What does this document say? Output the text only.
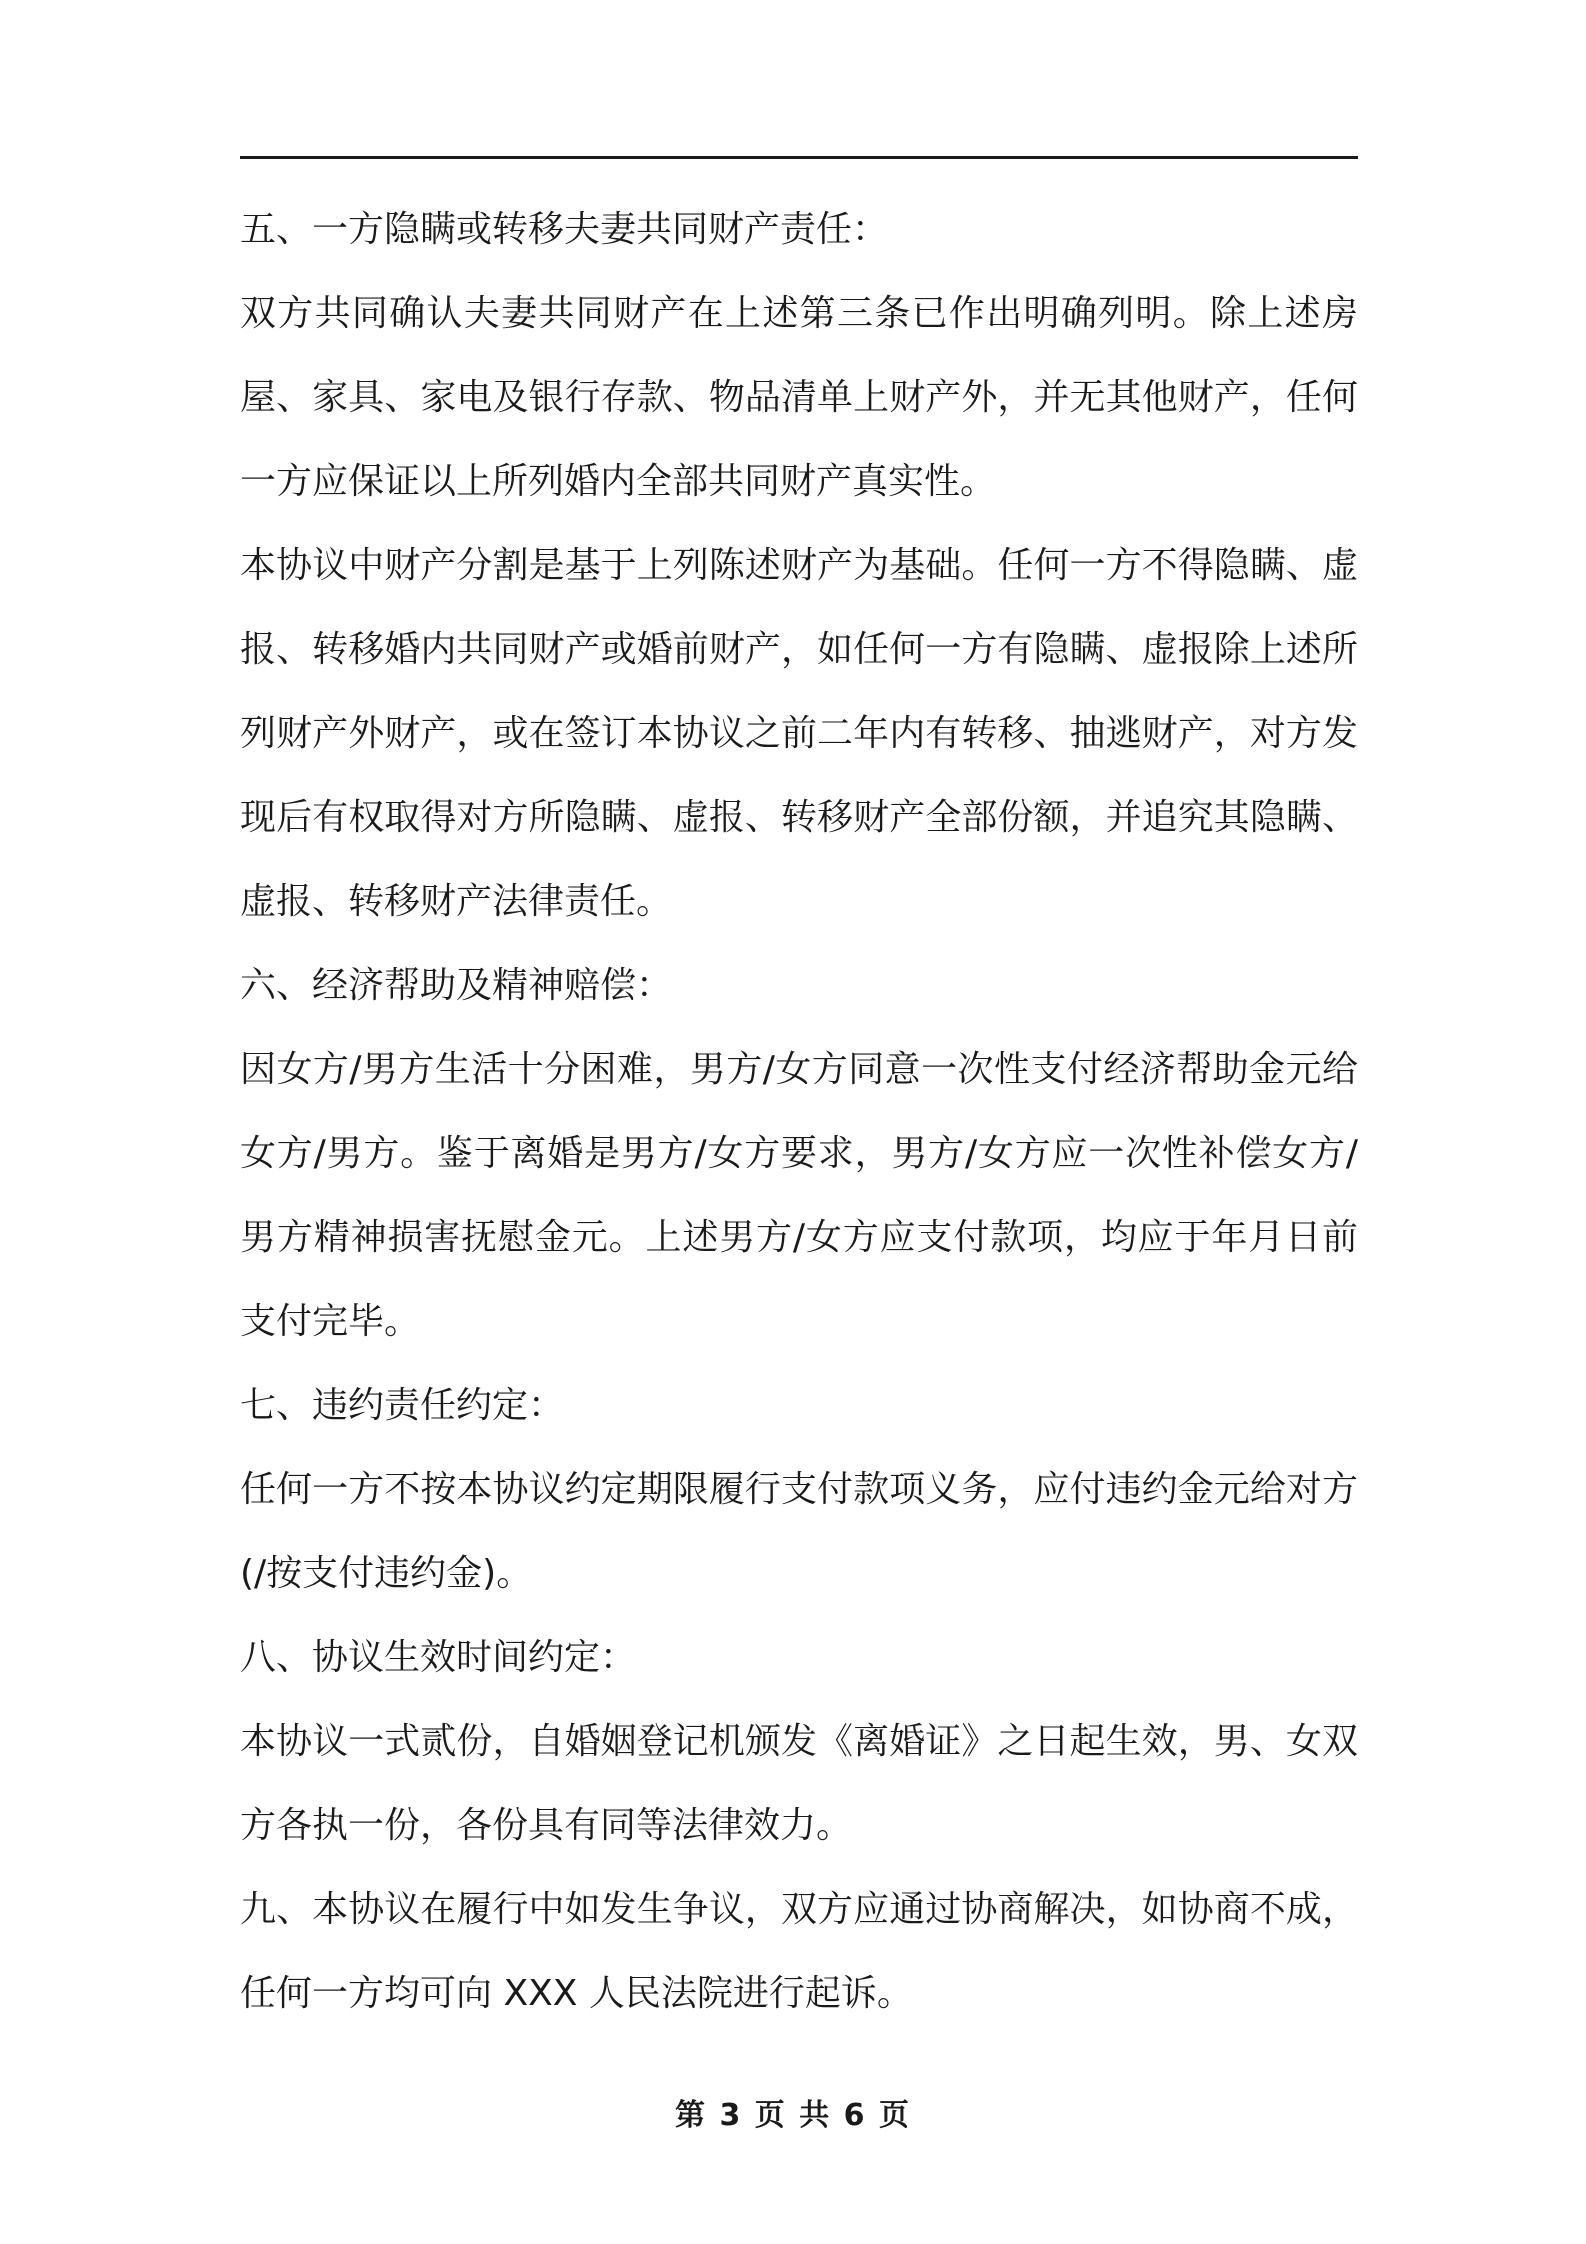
五、一方隐瞒或转移夫妻共同财产责任：

双方共同确认夫妻共同财产在上述第三条已作出明确列明。除上述房屋、家具、家电及银行存款、物品清单上财产外，并无其他财产，任何一方应保证以上所列婚内全部共同财产真实性。

本协议中财产分割是基于上列陈述财产为基础。任何一方不得隐瞒、虚报、转移婚内共同财产或婚前财产，如任何一方有隐瞒、虚报除上述所列财产外财产，或在签订本协议之前二年内有转移、抽逃财产，对方发现后有权取得对方所隐瞒、虚报、转移财产全部份额，并追究其隐瞒、虚报、转移财产法律责任。

六、经济帮助及精神赔偿：

因女方/男方生活十分困难，男方/女方同意一次性支付经济帮助金元给女方/男方。鉴于离婚是男方/女方要求，男方/女方应一次性补偿女方/男方精神损害抚慰金元。上述男方/女方应支付款项，均应于年月日前支付完毕。

七、违约责任约定：

任何一方不按本协议约定期限履行支付款项义务，应付违约金元给对方(/按支付违约金)。

八、协议生效时间约定：

本协议一式贰份，自婚姻登记机颁发《离婚证》之日起生效，男、女双方各执一份，各份具有同等法律效力。

九、本协议在履行中如发生争议，双方应通过协商解决，如协商不成，任何一方均可向 XXX 人民法院进行起诉。

第 3 页 共 6 页
